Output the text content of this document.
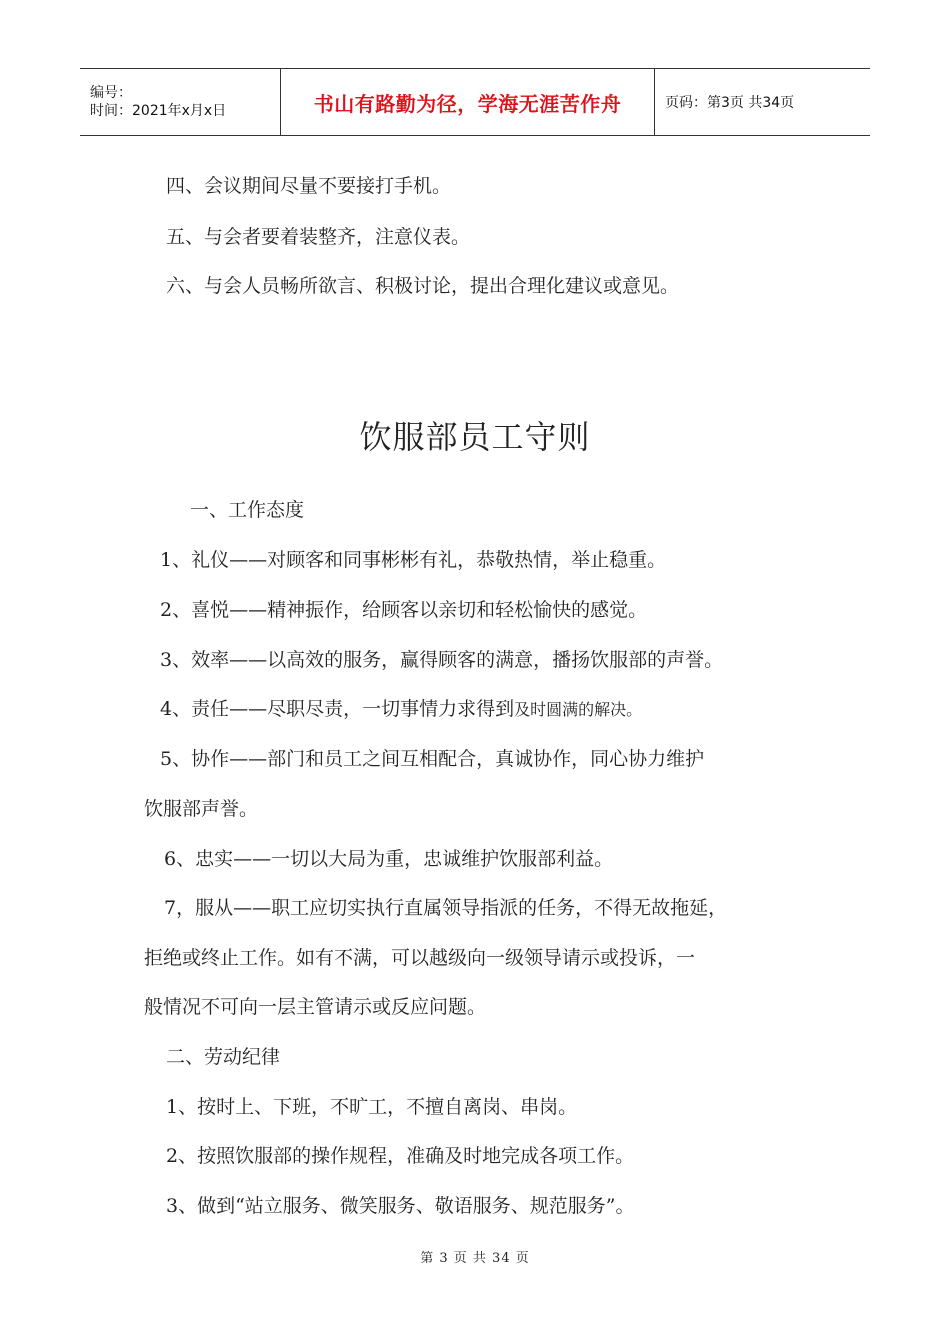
编号：
时间：2021年x月x日	书山有路勤为径，学海无涯苦作舟	页码：第3页 共34页
四、会议期间尽量不要接打手机。
五、与会者要着装整齐，注意仪表。
六、与会人员畅所欲言、积极讨论，提出合理化建议或意见。
饮服部员工守则
一、工作态度
1、礼仪——对顾客和同事彬彬有礼，恭敬热情，举止稳重。
2、喜悦——精神振作，给顾客以亲切和轻松愉快的感觉。
3、效率——以高效的服务，赢得顾客的满意，播扬饮服部的声誉。
4、责任——尽职尽责，一切事情力求得到及时圆满的解决。
5、协作——部门和员工之间互相配合，真诚协作，同心协力维护
饮服部声誉。
6、忠实——一切以大局为重，忠诚维护饮服部利益。
7，服从——职工应切实执行直属领导指派的任务，不得无故拖延，
拒绝或终止工作。如有不满，可以越级向一级领导请示或投诉，一
般情况不可向一层主管请示或反应问题。
二、劳动纪律
1、按时上、下班，不旷工，不擅自离岗、串岗。
2、按照饮服部的操作规程，准确及时地完成各项工作。
3、做到“站立服务、微笑服务、敬语服务、规范服务”。
第 3 页 共 34 页
